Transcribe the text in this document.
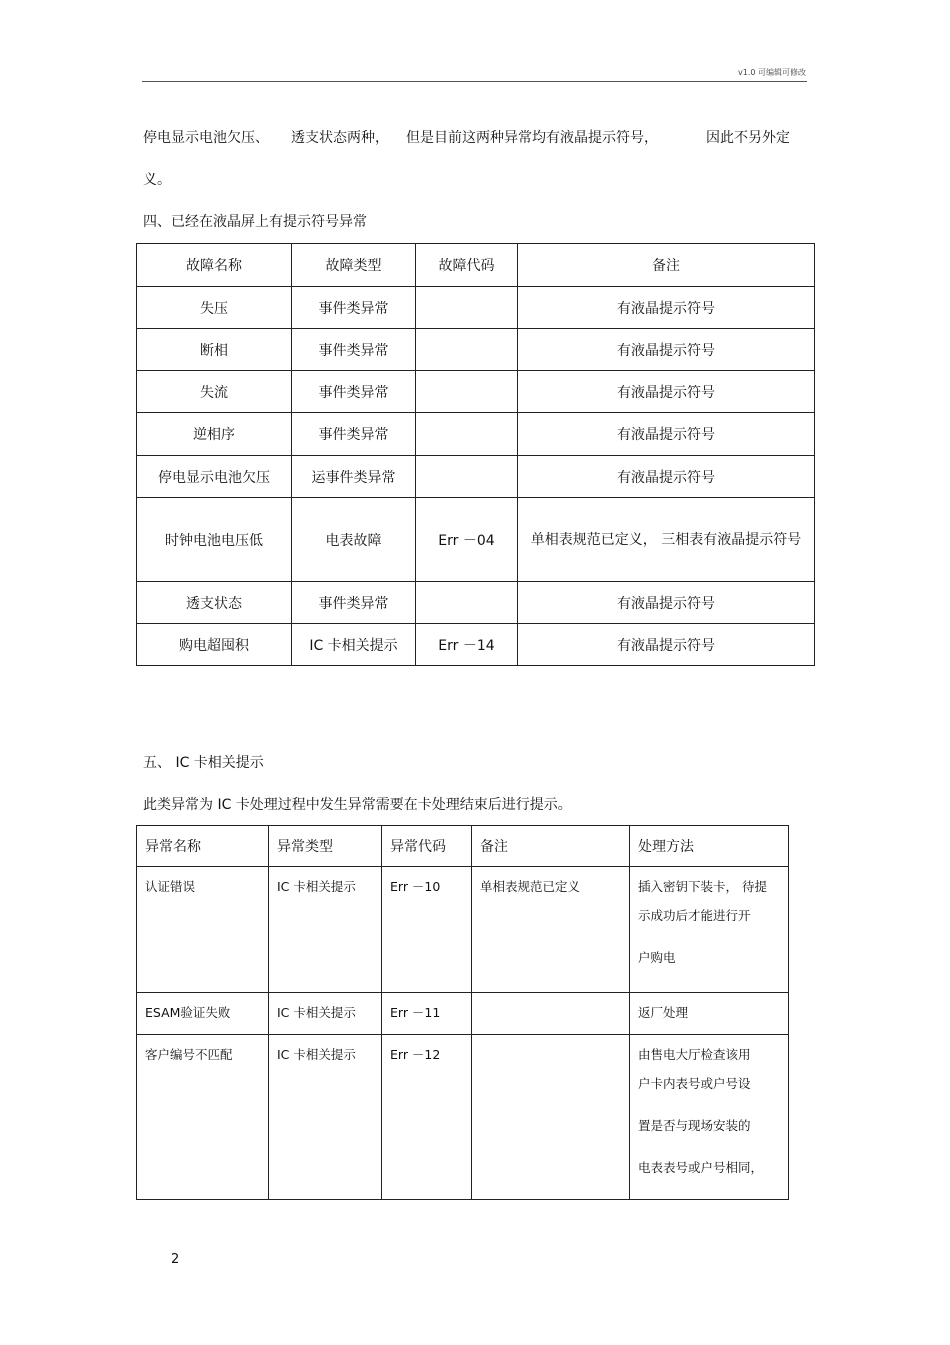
v1.0 可编辑可修改
停电显示电池欠压、 透支状态两种， 但是目前这两种异常均有液晶提示符号，	因此不另外定
义。
四、已经在液晶屏上有提示符号异常
故障名称	故障类型	故障代码	备注
失压	事件类异常		有液晶提示符号
断相	事件类异常		有液晶提示符号
失流	事件类异常		有液晶提示符号
逆相序	事件类异常		有液晶提示符号
停电显示电池欠压	运事件类异常		有液晶提示符号
时钟电池电压低	电表故障	Err －04	单相表规范已定义， 三相表有液晶提示符号
透支状态	事件类异常		有液晶提示符号
购电超囤积	IC 卡相关提示	Err －14	有液晶提示符号
五、 IC 卡相关提示
此类异常为 IC 卡处理过程中发生异常需要在卡处理结束后进行提示。
异常名称	异常类型	异常代码	备注	处理方法

认证错误	IC 卡相关提示	Err －10	单相表规范已定义	插入密钥下装卡， 待提
示成功后才能进行开
户购电

ESAM验证失败	IC 卡相关提示	Err －11		返厂处理

客户编号不匹配	IC 卡相关提示	Err －12		由售电大厅检查该用
户卡内表号或户号设
置是否与现场安装的
电表表号或户号相同，
2
